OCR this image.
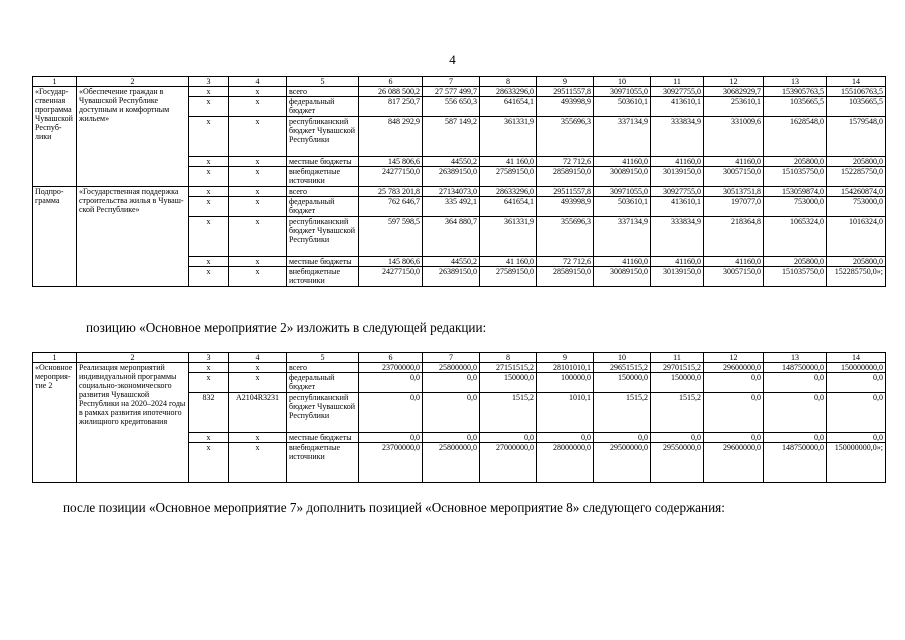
4
1	2	3	4	5	6	7	8	9	10	11	12	13	14
«Государственная программа Чувашской Республики	«Обеспечение граждан в Чувашской Республике доступным и комфортным жильем»	х	х	всего	26 088 500,2	27 577 499,7	28633296,0	29511557,8	30971055,0	30927755,0	30682929,7	153905763,5	155106763,5
		х	х	федеральный бюджет	817 250,7	556 650,3	641654,1	493998,9	503610,1	413610,1	253610,1	1035665,5	1035665,5
		х	х	республиканский бюджет Чувашской Республики	848 292,9	587 149,2	361331,9	355696,3	337134,9	333834,9	331009,6	1628548,0	1579548,0
		х	х	местные бюджеты	145 806,6	44550,2	41 160,0	72 712,6	41160,0	41160,0	41160,0	205800,0	205800,0
		х	х	внебюджетные источники	24277150,0	26389150,0	27589150,0	28589150,0	30089150,0	30139150,0	30057150,0	151035750,0	152285750,0
Подпрограмма	«Государственная поддержка строительства жилья в Чувашской Республике»	х	х	всего	25 783 201,8	27134073,0	28633296,0	29511557,8	30971055,0	30927755,0	30513751,8	153059874,0	154260874,0
		х	х	федеральный бюджет	762 646,7	335 492,1	641654,1	493998,9	503610,1	413610,1	197077,0	753000,0	753000,0
		х	х	республиканский бюджет Чувашской Республики	597 598,5	364 880,7	361331,9	355696,3	337134,9	333834,9	218364,8	1065324,0	1016324,0
		х	х	местные бюджеты	145 806,6	44550,2	41 160,0	72 712,6	41160,0	41160,0	41160,0	205800,0	205800,0
		х	х	внебюджетные источники	24277150,0	26389150,0	27589150,0	28589150,0	30089150,0	30139150,0	30057150,0	151035750,0	152285750,0»;
позицию «Основное мероприятие 2» изложить в следующей редакции:
1	2	3	4	5	6	7	8	9	10	11	12	13	14
«Основное мероприятие 2	Реализация мероприятий индивидуальной программы социально-экономического развития Чувашской Республики на 2020–2024 годы в рамках развития ипотечного жилищного кредитования	х	х	всего	23700000,0	25800000,0	27151515,2	28101010,1	29651515,2	29701515,2	29600000,0	148750000,0	150000000,0
		х	х	федеральный бюджет	0,0	0,0	150000,0	100000,0	150000,0	150000,0	0,0	0,0	0,0
		832	А2104R3231	республиканский бюджет Чувашской Республики	0,0	0,0	1515,2	1010,1	1515,2	1515,2	0,0	0,0	0,0
		х	х	местные бюджеты	0,0	0,0	0,0	0,0	0,0	0,0	0,0	0,0	0,0
		х	х	внебюджетные источники	23700000,0	25800000,0	27000000,0	28000000,0	29500000,0	29550000,0	29600000,0	148750000,0	150000000,0»;
после позиции «Основное мероприятие 7» дополнить позицией «Основное мероприятие 8» следующего содержания:
